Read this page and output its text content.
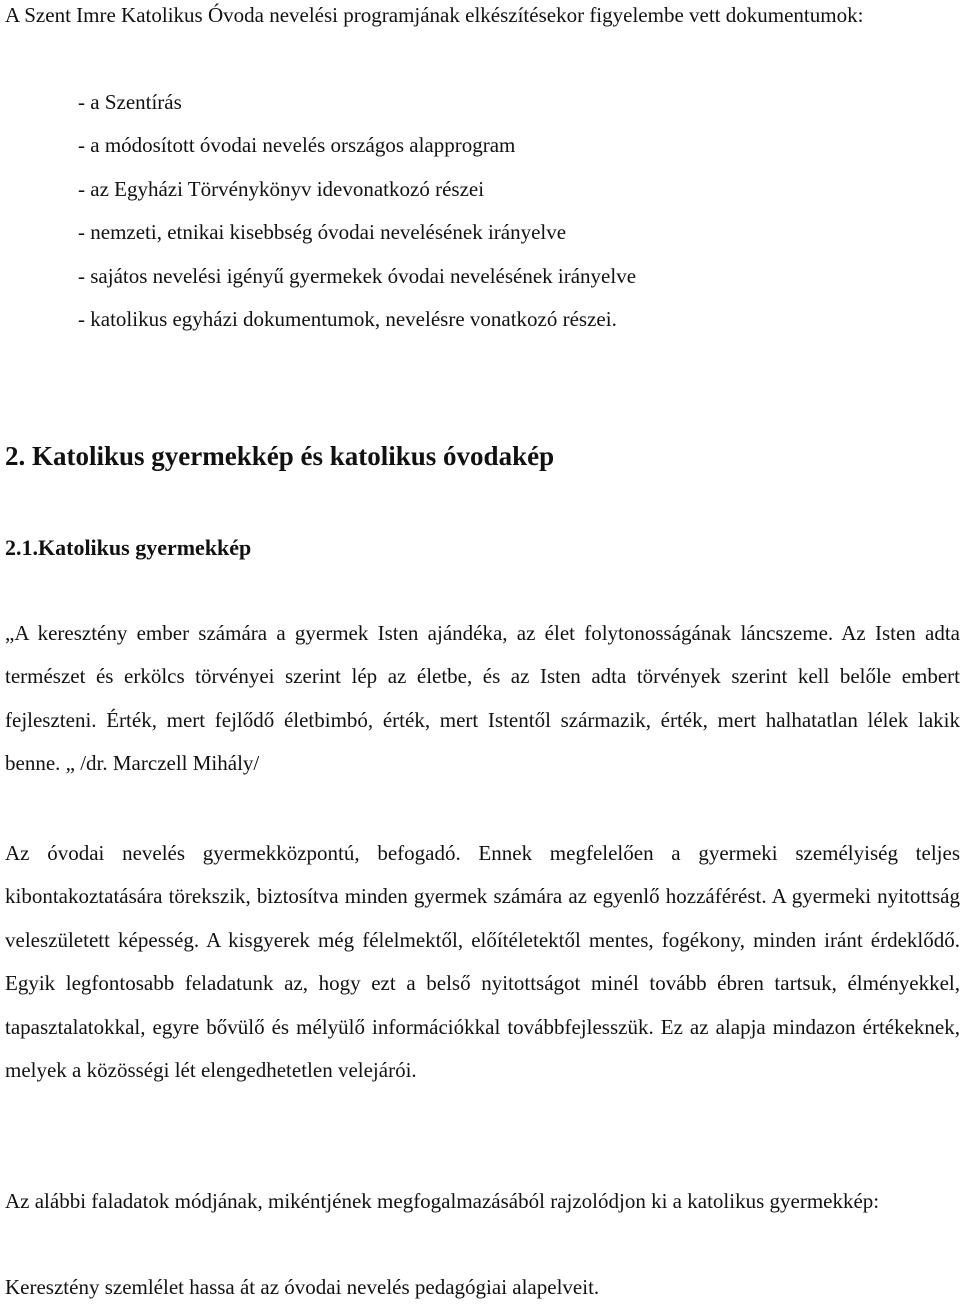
A Szent Imre Katolikus Óvoda nevelési programjának elkészítésekor figyelembe vett dokumentumok:

- a Szentírás
- a módosított óvodai nevelés országos alapprogram
- az Egyházi Törvénykönyv idevonatkozó részei
- nemzeti, etnikai kisebbség óvodai nevelésének irányelve
- sajátos nevelési igényű gyermekek óvodai nevelésének irányelve
- katolikus egyházi dokumentumok, nevelésre vonatkozó részei.
2. Katolikus gyermekkép és katolikus óvodakép
2.1.Katolikus gyermekkép

„A keresztény ember számára a gyermek Isten ajándéka, az élet folytonosságának láncszeme. Az Isten adta természet és erkölcs törvényei szerint lép az életbe, és az Isten adta törvények szerint kell belőle embert fejleszteni. Érték, mert fejlődő életbimbó, érték, mert Istentől származik, érték, mert halhatatlan lélek lakik benne. „ /dr. Marczell Mihály/

Az óvodai nevelés gyermekközpontú, befogadó. Ennek megfelelően a gyermeki személyiség teljes kibontakoztatására törekszik, biztosítva minden gyermek számára az egyenlő hozzáférést. A gyermeki nyitottság veleszületett képesség. A kisgyerek még félelmektől, előítéletektől mentes, fogékony, minden iránt érdeklődő. Egyik legfontosabb feladatunk az, hogy ezt a belső nyitottságot minél tovább ébren tartsuk, élményekkel, tapasztalatokkal, egyre bővülő és mélyülő információkkal továbbfejlesszük. Ez az alapja mindazon értékeknek, melyek a közösségi lét elengedhetetlen velejárói.

Az alábbi faladatok módjának, mikéntjének megfogalmazásából rajzolódjon ki a katolikus gyermekkép:

Keresztény szemlélet hassa át az óvodai nevelés pedagógiai alapelveit.
